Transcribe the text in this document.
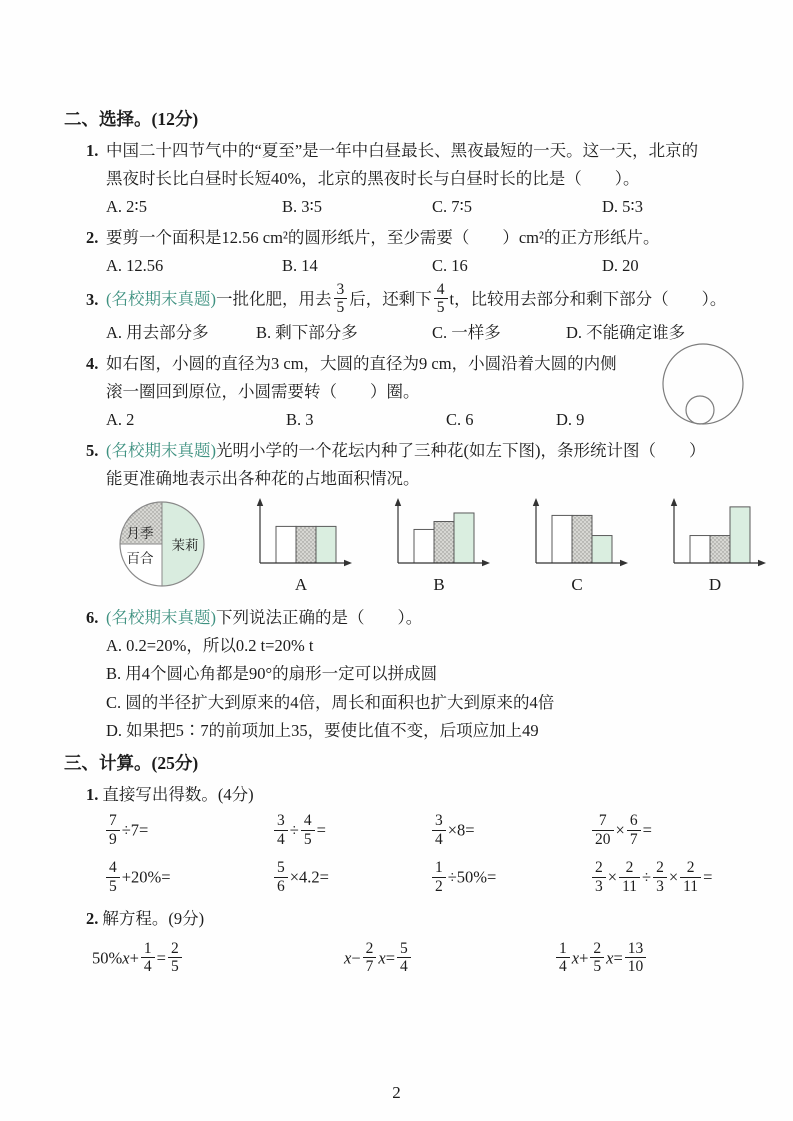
二、选择。(12分)
1. 中国二十四节气中的“夏至”是一年中白昼最长、黑夜最短的一天。这一天，北京的
黑夜时长比白昼时长短40%，北京的黑夜时长与白昼时长的比是（　　）。
A. 2∶5	B. 3∶5	C. 7∶5	D. 5∶3
2. 要剪一个面积是12.56 cm²的圆形纸片，至少需要（　　）cm²的正方形纸片。
A. 12.56	B. 14	C. 16	D. 20
3. (名校期末真题)一批化肥，用去 $\frac{3}{5}$ 后，还剩下 $\frac{4}{5}$ t，比较用去部分和剩下部分（　　）。
A. 用去部分多	B. 剩下部分多	C. 一样多	D. 不能确定谁多
4. 如右图，小圆的直径为3 cm，大圆的直径为9 cm，小圆沿着大圆的内侧
滚一圈回到原位，小圆需要转（　　）圈。
A. 2	B. 3	C. 6	D. 9
5. (名校期末真题)光明小学的一个花坛内种了三种花(如左下图)，条形统计图（　　）
能更准确地表示出各种花的占地面积情况。
月季
百合
茉莉
A	B	C	D
6. (名校期末真题)下列说法正确的是（　　）。
A. 0.2=20%，所以0.2 t=20% t
B. 用4个圆心角都是90°的扇形一定可以拼成圆
C. 圆的半径扩大到原来的4倍，周长和面积也扩大到原来的4倍
D. 如果把5∶7的前项加上35，要使比值不变，后项应加上49
三、计算。(25分)
1. 直接写出得数。(4分)
$\frac{7}{9} \div 7=$	$\frac{3}{4} \div \frac{4}{5}$ =	$\frac{3}{4} \times 8=$	$\frac{7}{20} \times \frac{6}{7}$ =
$\frac{4}{5} +20\%=$	$\frac{5}{6} \times 4.2=$	$\frac{1}{2} \div 50\%=$	$\frac{2}{3} \times \frac{2}{11} \div \frac{2}{3} \times \frac{2}{11}$ =
2. 解方程。(9分)
$50\%x+ \frac{1}{4} = \frac{2}{5}$	$x- \frac{2}{7} x= \frac{5}{4}$	$\frac{1}{4} x+ \frac{2}{5} x= \frac{13}{10}$
2
